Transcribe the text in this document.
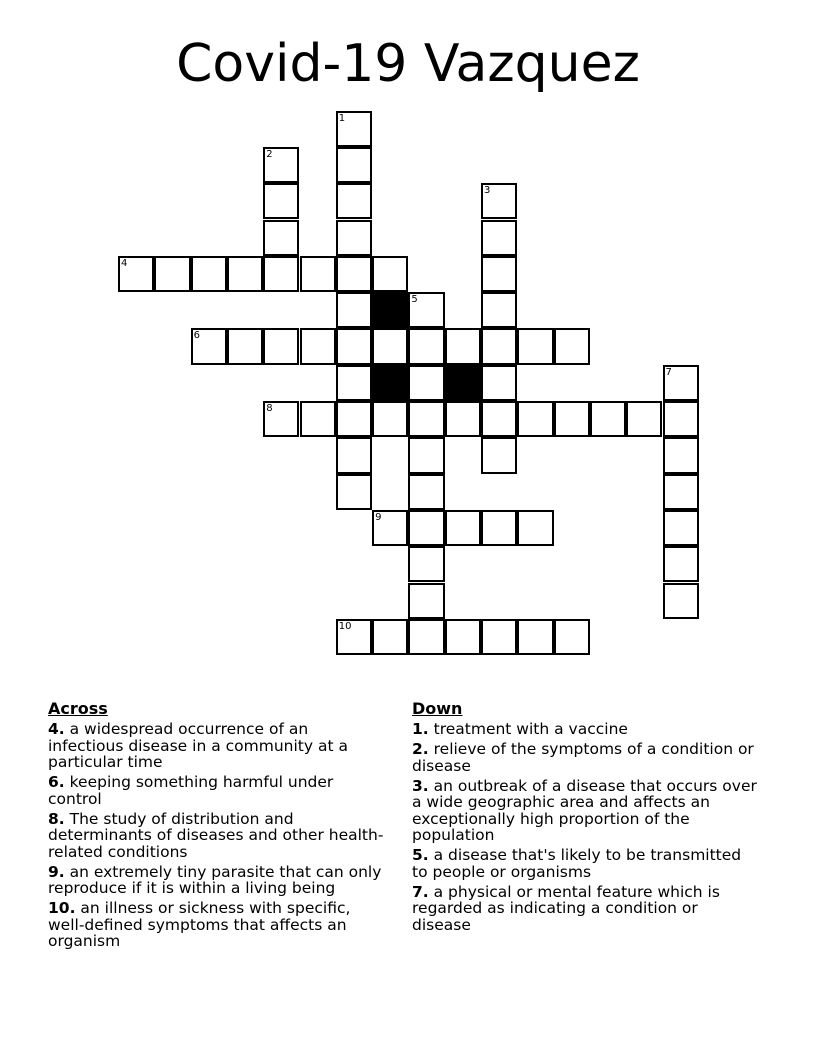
Covid-19 Vazquez
1
2
3
4
5
6
7
8
9
10
Across
4. a widespread occurrence of an infectious disease in a community at a particular time
6. keeping something harmful under control
8. The study of distribution and determinants of diseases and other health-related conditions
9. an extremely tiny parasite that can only reproduce if it is within a living being
10. an illness or sickness with specific, well-defined symptoms that affects an organism
Down
1. treatment with a vaccine
2. relieve of the symptoms of a condition or disease
3. an outbreak of a disease that occurs over a wide geographic area and affects an exceptionally high proportion of the population
5. a disease that's likely to be transmitted to people or organisms
7. a physical or mental feature which is regarded as indicating a condition or disease
